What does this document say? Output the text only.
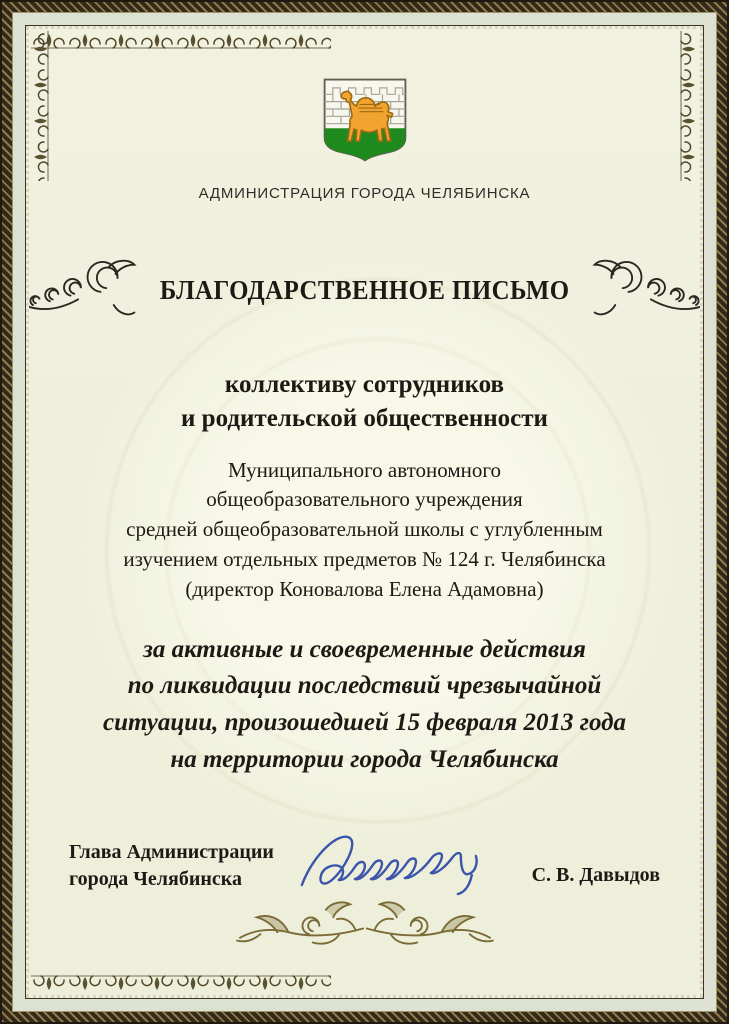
АДМИНИСТРАЦИЯ ГОРОДА ЧЕЛЯБИНСКА
БЛАГОДАРСТВЕННОЕ ПИСЬМО
коллективу сотрудников
и родительской общественности
Муниципального автономного
общеобразовательного учреждения
средней общеобразовательной школы с углубленным
изучением отдельных предметов № 124 г. Челябинска
(директор Коновалова Елена Адамовна)
за активные и своевременные действия
по ликвидации последствий чрезвычайной
ситуации, произошедшей 15 февраля 2013 года
на территории города Челябинска
Глава Администрации
города Челябинска	С. В. Давыдов
